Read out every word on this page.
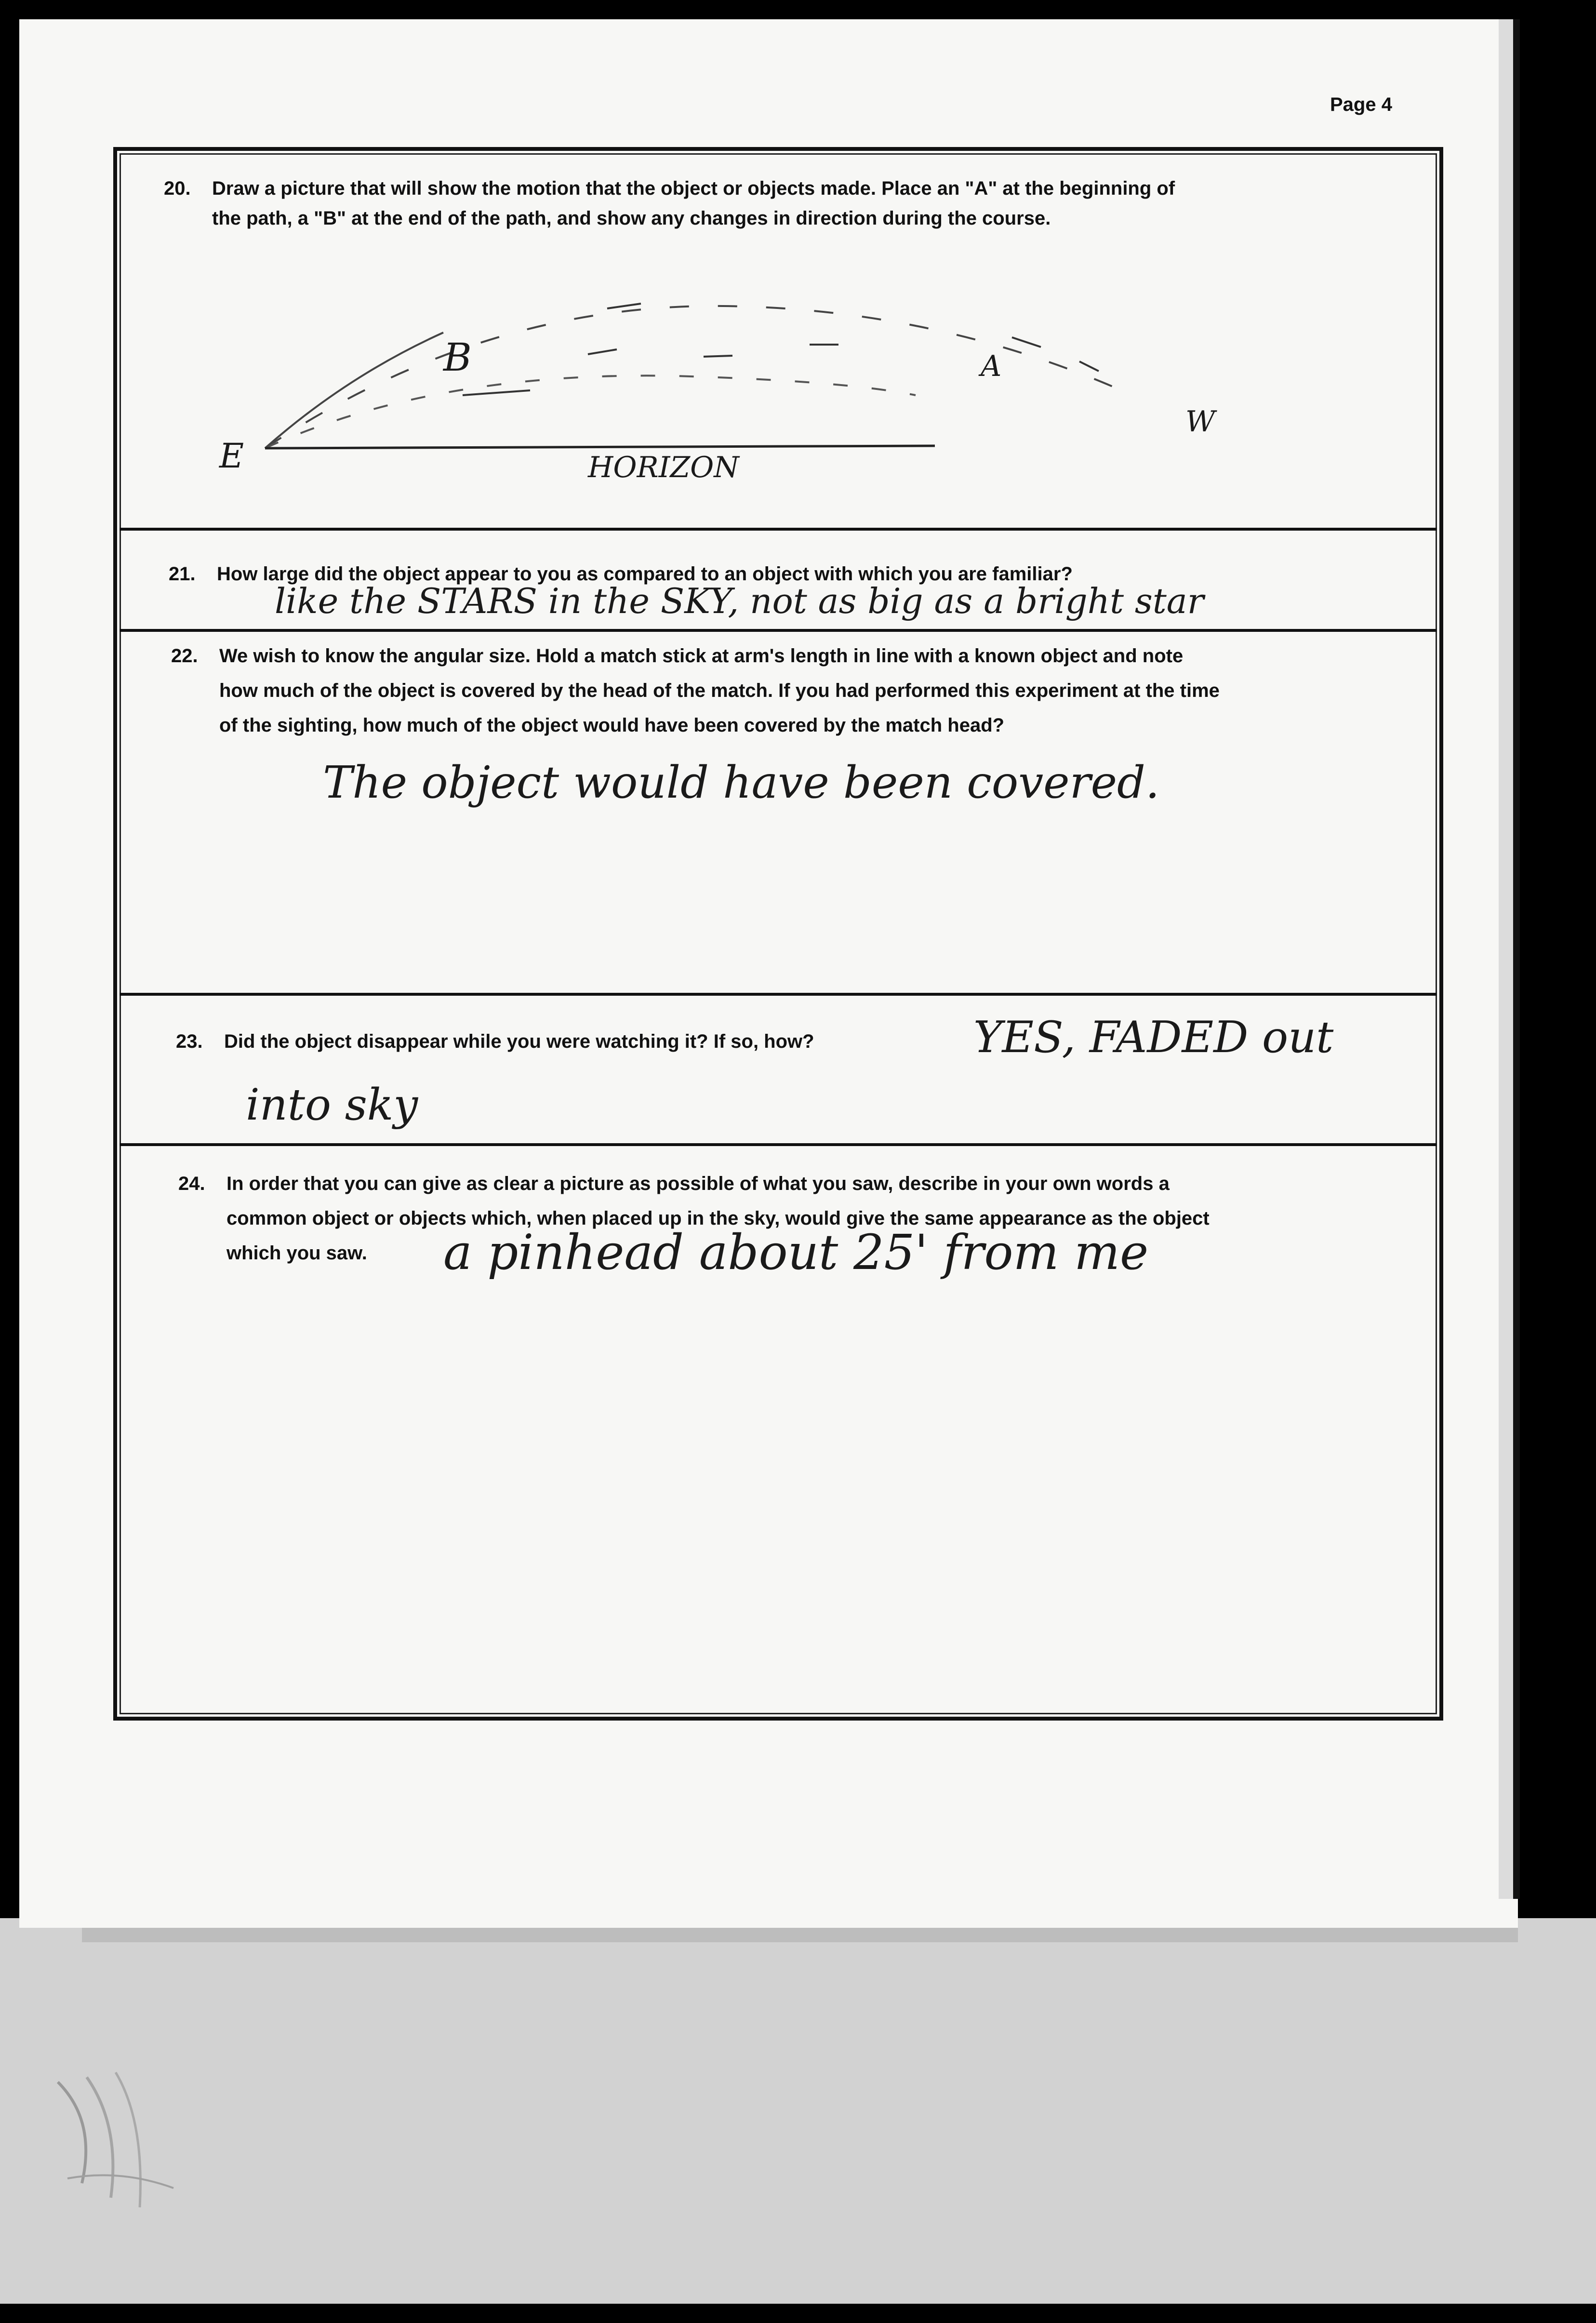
Page 4
20. Draw a picture that will show the motion that the object or objects made. Place an "A" at the beginning of
the path, a "B" at the end of the path, and show any changes in direction during the course.
E
W
A
B
HORIZON
21. How large did the object appear to you as compared to an object with which you are familiar?
like the STARS in the SKY, not as big as a bright star
22. We wish to know the angular size. Hold a match stick at arm's length in line with a known object and note
how much of the object is covered by the head of the match. If you had performed this experiment at the time
of the sighting, how much of the object would have been covered by the match head?
The object would have been covered.
23. Did the object disappear while you were watching it? If so, how?	YES, FADED out
into sky
24. In order that you can give as clear a picture as possible of what you saw, describe in your own words a
common object or objects which, when placed up in the sky, would give the same appearance as the object
which you saw.	a pinhead about 25' from me
